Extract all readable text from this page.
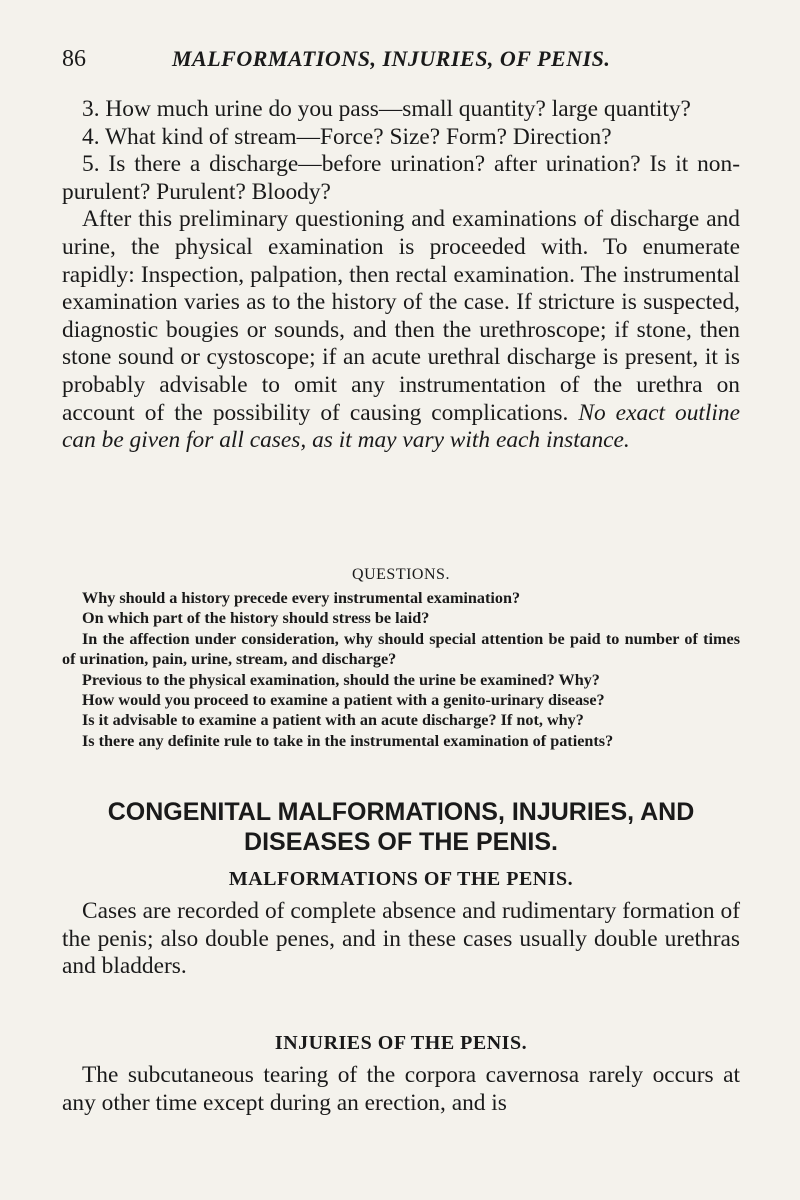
86	MALFORMATIONS, INJURIES, OF PENIS.

3. How much urine do you pass—small quantity? large quantity?

4. What kind of stream—Force? Size? Form? Direction?

5. Is there a discharge—before urination? after urination? Is it non-purulent? Purulent? Bloody?

After this preliminary questioning and examinations of discharge and urine, the physical examination is proceeded with. To enumerate rapidly: Inspection, palpation, then rectal examination. The instrumental examination varies as to the history of the case. If stricture is suspected, diagnostic bougies or sounds, and then the urethroscope; if stone, then stone sound or cystoscope; if an acute urethral discharge is present, it is probably advisable to omit any instrumentation of the urethra on account of the possibility of causing complications. No exact outline can be given for all cases, as it may vary with each instance.

QUESTIONS.

Why should a history precede every instrumental examination?

On which part of the history should stress be laid?

In the affection under consideration, why should special attention be paid to number of times of urination, pain, urine, stream, and discharge?

Previous to the physical examination, should the urine be examined? Why?

How would you proceed to examine a patient with a genito-urinary disease?

Is it advisable to examine a patient with an acute discharge? If not, why?

Is there any definite rule to take in the instrumental examination of patients?

CONGENITAL MALFORMATIONS, INJURIES, AND
DISEASES OF THE PENIS.
MALFORMATIONS OF THE PENIS.

Cases are recorded of complete absence and rudimentary formation of the penis; also double penes, and in these cases usually double urethras and bladders.

INJURIES OF THE PENIS.

The subcutaneous tearing of the corpora cavernosa rarely occurs at any other time except during an erection, and is
